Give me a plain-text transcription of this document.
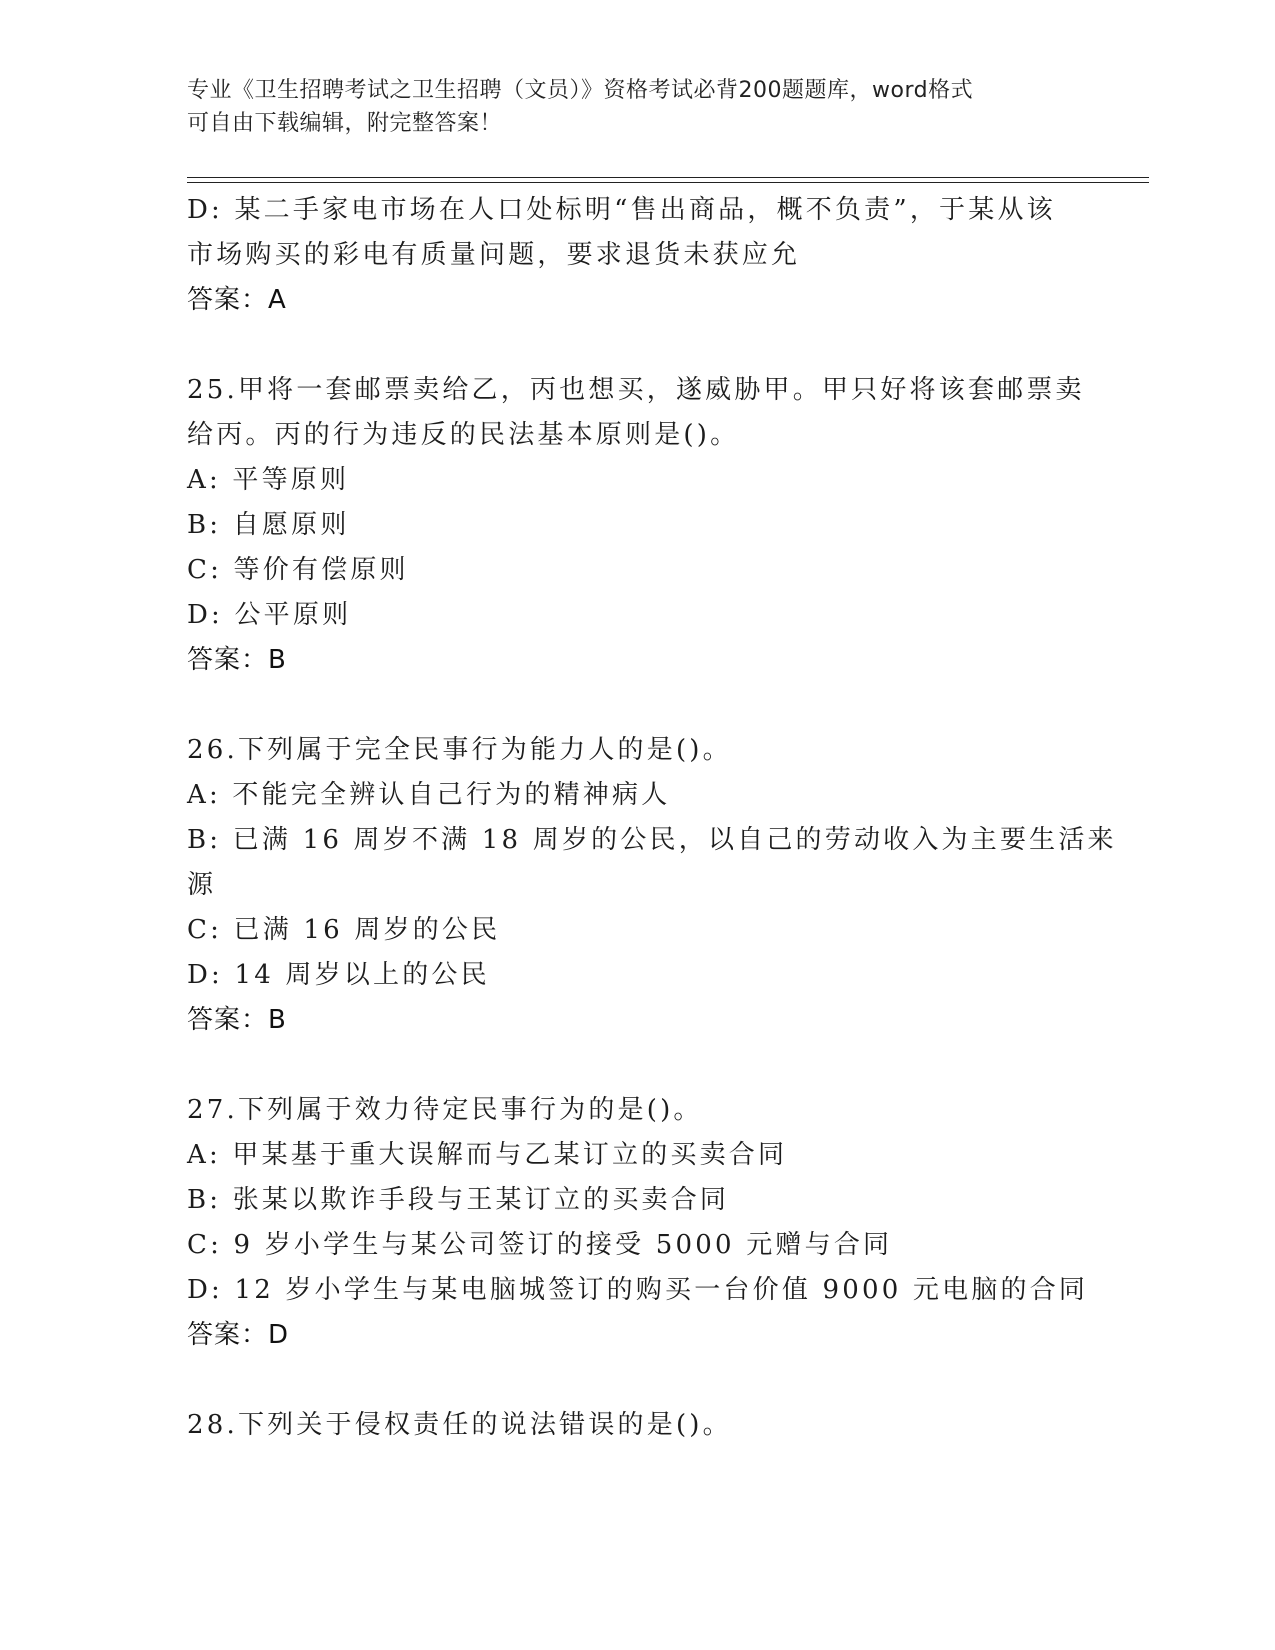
专业《卫生招聘考试之卫生招聘（文员）》资格考试必背200题题库，word格式
可自由下载编辑，附完整答案！
D: 某二手家电市场在人口处标明“售出商品，概不负责”，于某从该
市场购买的彩电有质量问题，要求退货未获应允
答案：A
25.甲将一套邮票卖给乙，丙也想买，遂威胁甲。甲只好将该套邮票卖
给丙。丙的行为违反的民法基本原则是()。
A: 平等原则
B: 自愿原则
C: 等价有偿原则
D: 公平原则
答案：B
26.下列属于完全民事行为能力人的是()。
A: 不能完全辨认自己行为的精神病人
B: 已满 16 周岁不满 18 周岁的公民，以自己的劳动收入为主要生活来
源
C: 已满 16 周岁的公民
D: 14 周岁以上的公民
答案：B
27.下列属于效力待定民事行为的是()。
A: 甲某基于重大误解而与乙某订立的买卖合同
B: 张某以欺诈手段与王某订立的买卖合同
C: 9 岁小学生与某公司签订的接受 5000 元赠与合同
D: 12 岁小学生与某电脑城签订的购买一台价值 9000 元电脑的合同
答案：D
28.下列关于侵权责任的说法错误的是()。
